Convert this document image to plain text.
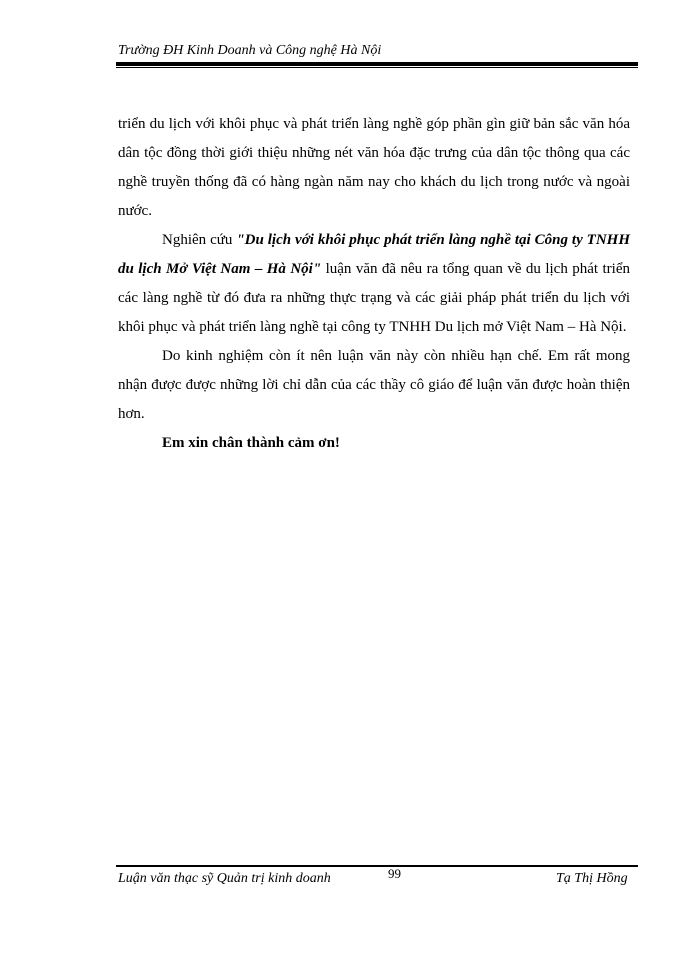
Trường ĐH Kinh Doanh và Công nghệ Hà Nội

triển du lịch với khôi phục và phát triển làng nghề góp phần gìn giữ bản sắc văn hóa dân tộc đồng thời giới thiệu những nét văn hóa đặc trưng của dân tộc thông qua các nghề truyền thống đã có hàng ngàn năm nay cho khách du lịch trong nước và ngoài nước.

Nghiên cứu "Du lịch với khôi phục phát triển làng nghề tại Công ty TNHH du lịch Mở Việt Nam – Hà Nội" luận văn đã nêu ra tổng quan về du lịch phát triển các làng nghề từ đó đưa ra những thực trạng và các giải pháp phát triển du lịch với khôi phục và phát triển làng nghề tại công ty TNHH Du lịch mở Việt Nam – Hà Nội.

Do kinh nghiệm còn ít nên luận văn này còn nhiều hạn chế. Em rất mong nhận được được những lời chỉ dẫn của các thầy cô giáo để luận văn được hoàn thiện hơn.

Em xin chân thành cảm ơn!

Luận văn thạc sỹ Quản trị kinh doanh	99	Tạ Thị Hồng
